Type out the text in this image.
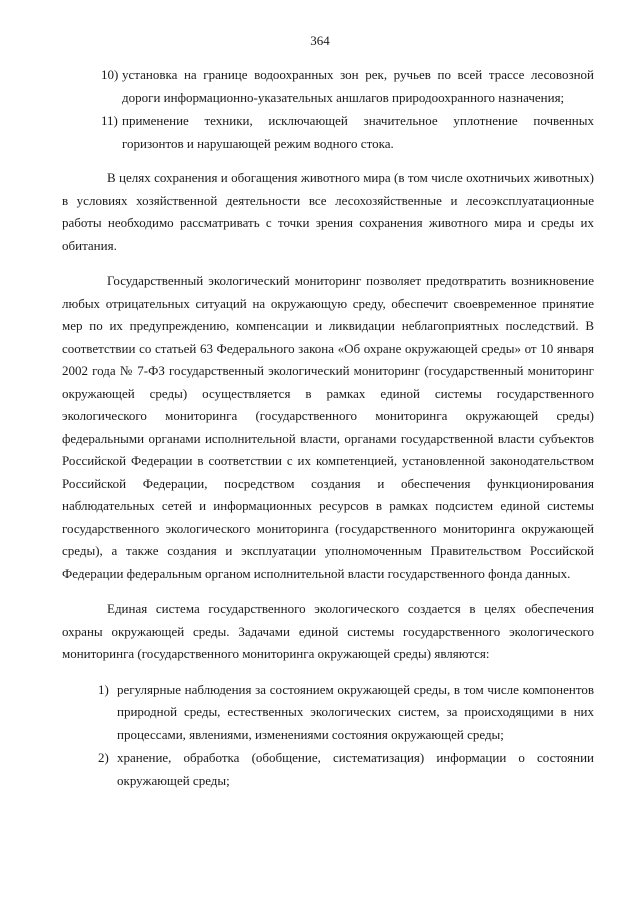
364
10) установка на границе водоохранных зон рек, ручьев по всей трассе лесовозной дороги информационно-указательных аншлагов природоохранного назначения;
11) применение техники, исключающей значительное уплотнение почвенных горизонтов и нарушающей режим водного стока.

В целях сохранения и обогащения животного мира (в том числе охотничьих животных) в условиях хозяйственной деятельности все лесохозяйственные и лесоэксплуатационные работы необходимо рассматривать с точки зрения сохранения животного мира и среды их обитания.

Государственный экологический мониторинг позволяет предотвратить возникновение любых отрицательных ситуаций на окружающую среду, обеспечит своевременное принятие мер по их предупреждению, компенсации и ликвидации неблагоприятных последствий. В соответствии со статьей 63 Федерального закона «Об охране окружающей среды» от 10 января 2002 года № 7-ФЗ государственный экологический мониторинг (государственный мониторинг окружающей среды) осуществляется в рамках единой системы государственного экологического мониторинга (государственного мониторинга окружающей среды) федеральными органами исполнительной власти, органами государственной власти субъектов Российской Федерации в соответствии с их компетенцией, установленной законодательством Российской Федерации, посредством создания и обеспечения функционирования наблюдательных сетей и информационных ресурсов в рамках подсистем единой системы государственного экологического мониторинга (государственного мониторинга окружающей среды), а также создания и эксплуатации уполномоченным Правительством Российской Федерации федеральным органом исполнительной власти государственного фонда данных.

Единая система государственного экологического создается в целях обеспечения охраны окружающей среды. Задачами единой системы государственного экологического мониторинга (государственного мониторинга окружающей среды) являются:

1) регулярные наблюдения за состоянием окружающей среды, в том числе компонентов природной среды, естественных экологических систем, за происходящими в них процессами, явлениями, изменениями состояния окружающей среды;
2) хранение, обработка (обобщение, систематизация) информации о состоянии окружающей среды;
